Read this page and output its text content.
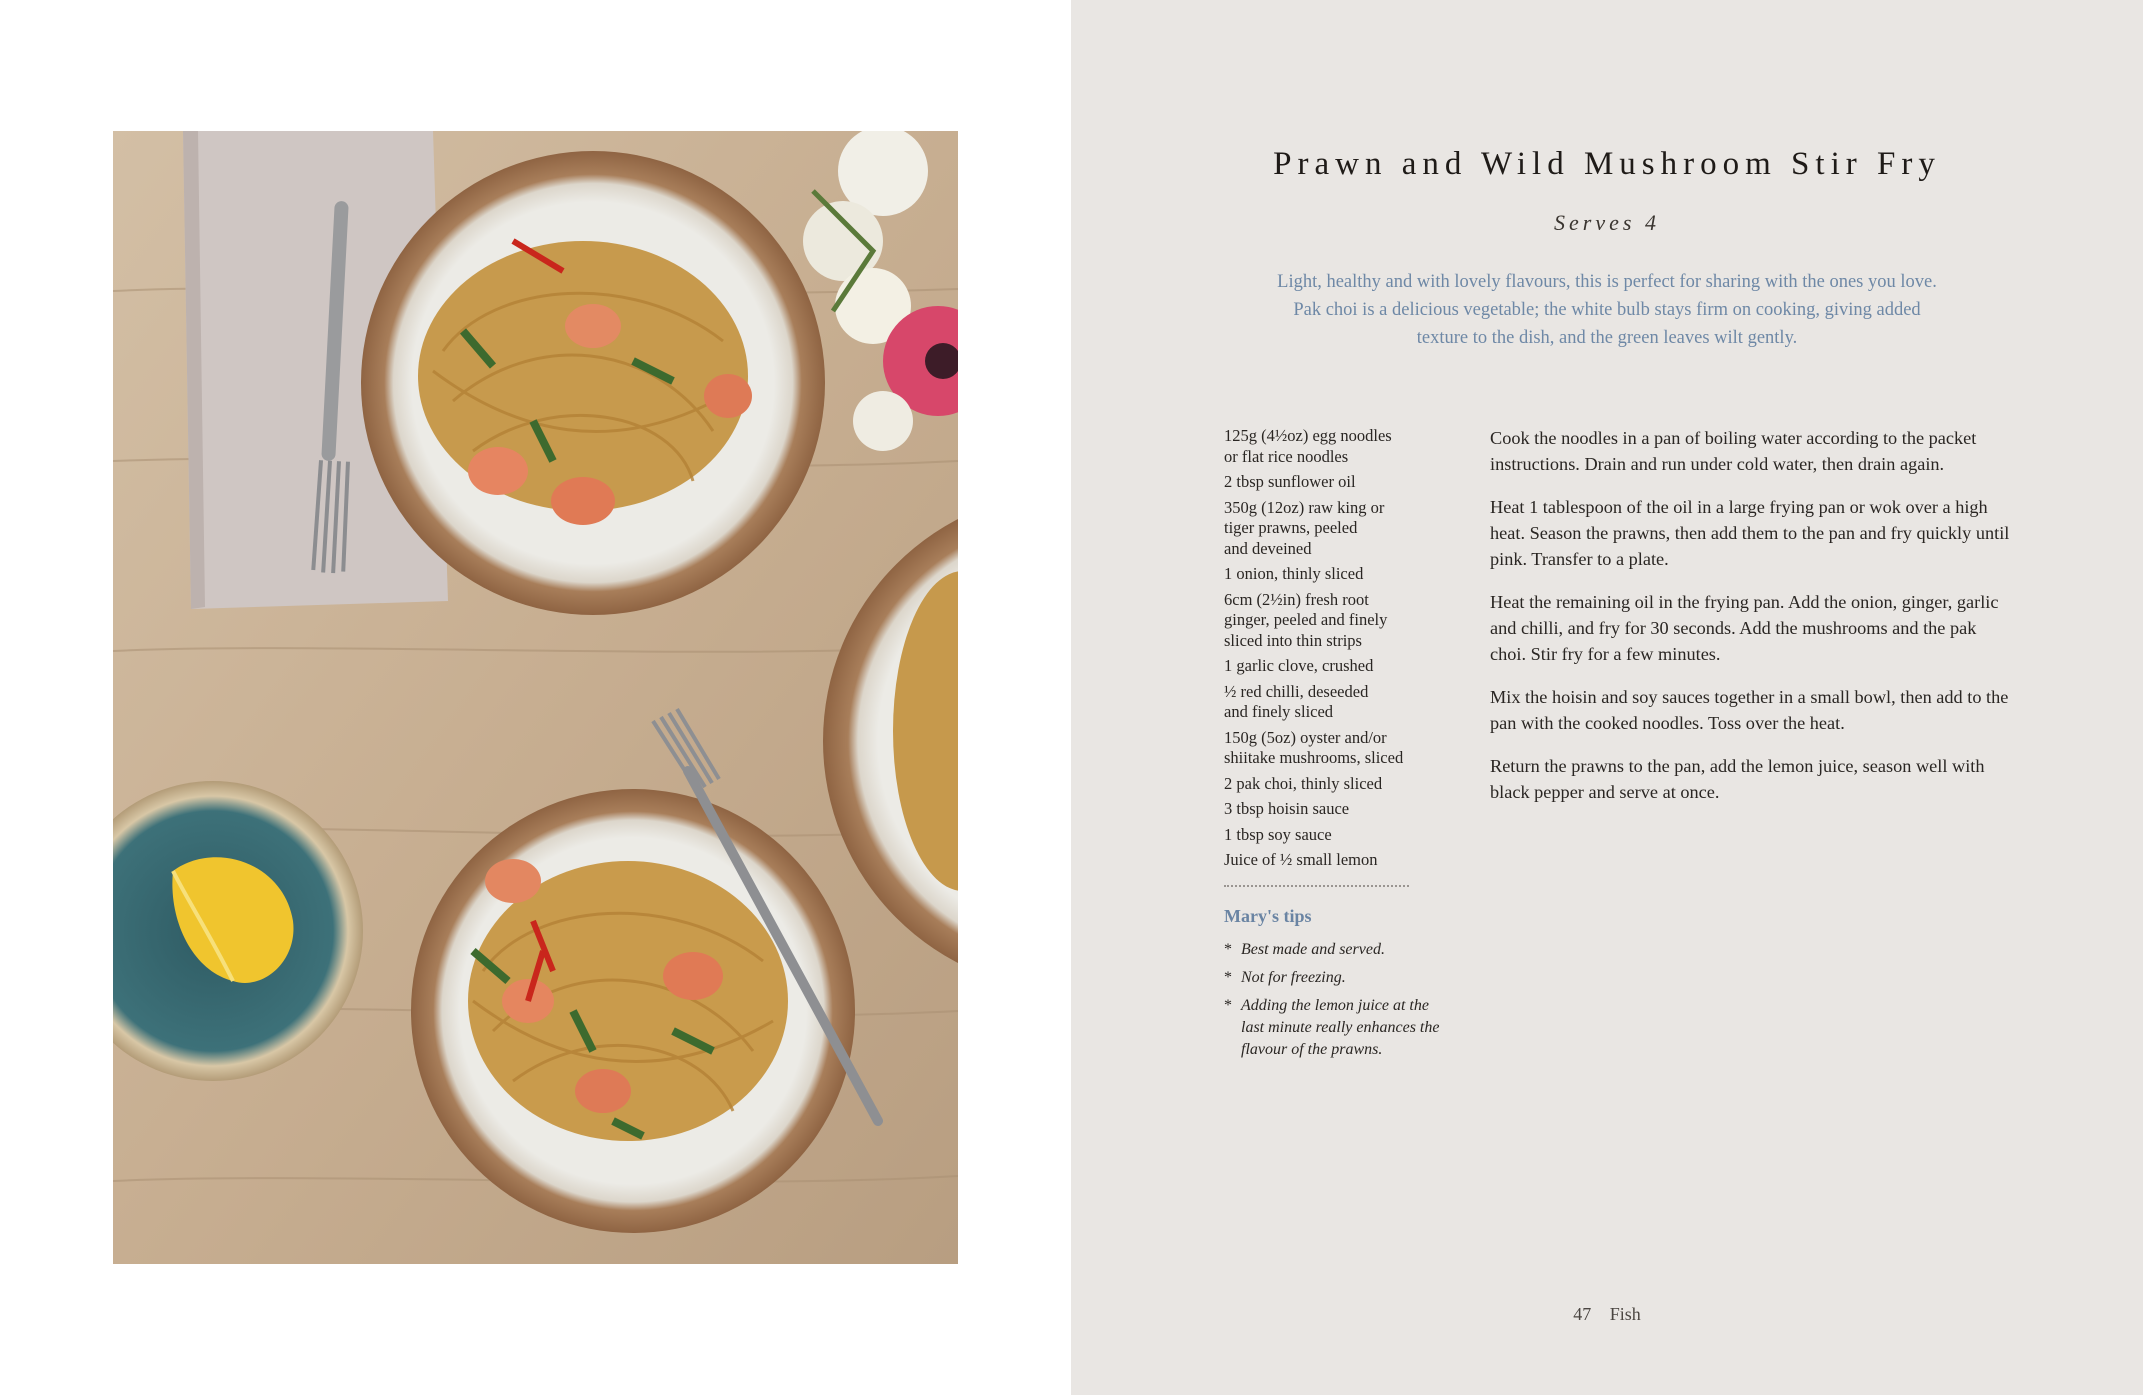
Prawn and Wild Mushroom Stir Fry
Serves 4
Light, healthy and with lovely flavours, this is perfect for sharing with the ones you love. Pak choi is a delicious vegetable; the white bulb stays firm on cooking, giving added texture to the dish, and the green leaves wilt gently.
125g (4½oz) egg noodles
or flat rice noodles
2 tbsp sunflower oil
350g (12oz) raw king or
tiger prawns, peeled
and deveined
1 onion, thinly sliced
6cm (2½in) fresh root
ginger, peeled and finely
sliced into thin strips
1 garlic clove, crushed
½ red chilli, deseeded
and finely sliced
150g (5oz) oyster and/or
shiitake mushrooms, sliced
2 pak choi, thinly sliced
3 tbsp hoisin sauce
1 tbsp soy sauce
Juice of ½ small lemon
Mary's tips
* Best made and served.
* Not for freezing.
* Adding the lemon juice at the last minute really enhances the flavour of the prawns.

Cook the noodles in a pan of boiling water according to the packet instructions. Drain and run under cold water, then drain again.

Heat 1 tablespoon of the oil in a large frying pan or wok over a high heat. Season the prawns, then add them to the pan and fry quickly until pink. Transfer to a plate.

Heat the remaining oil in the frying pan. Add the onion, ginger, garlic and chilli, and fry for 30 seconds. Add the mushrooms and the pak choi. Stir fry for a few minutes.

Mix the hoisin and soy sauces together in a small bowl, then add to the pan with the cooked noodles. Toss over the heat.

Return the prawns to the pan, add the lemon juice, season well with black pepper and serve at once.

47 Fish
